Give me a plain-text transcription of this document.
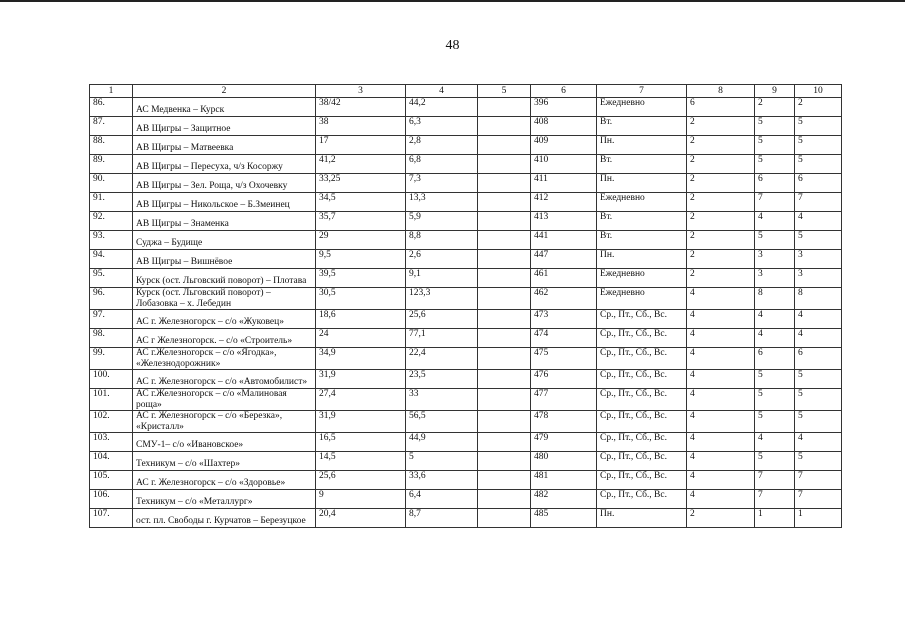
48
1	2	3	4	5	6	7	8	9	10
86.	АС Медвенка – Курск	38/42	44,2		396	Ежедневно	6	2	2
87.	АВ Щигры – Защитное	38	6,3		408	Вт.	2	5	5
88.	АВ Щигры – Матвеевка	17	2,8		409	Пн.	2	5	5
89.	АВ Щигры – Пересуха, ч/з Косоржу	41,2	6,8		410	Вт.	2	5	5
90.	АВ Щигры – Зел. Роща, ч/з Охочевку	33,25	7,3		411	Пн.	2	6	6
91.	АВ Щигры – Никольское – Б.Змеинец	34,5	13,3		412	Ежедневно	2	7	7
92.	АВ Щигры – Знаменка	35,7	5,9		413	Вт.	2	4	4
93.	Суджа – Будище	29	8,8		441	Вт.	2	5	5
94.	АВ Щигры – Вишнёвое	9,5	2,6		447	Пн.	2	3	3
95.	Курск (ост. Льговский поворот) – Плотава	39,5	9,1		461	Ежедневно	2	3	3
96.	Курск (ост. Льговский поворот) – Лобазовка – х. Лебедин	30,5	123,3		462	Ежедневно	4	8	8
97.	АС г. Железногорск – с/о «Жуковец»	18,6	25,6		473	Ср., Пт., Сб., Вс.	4	4	4
98.	АС г Железногорск. – с/о «Строитель»	24	77,1		474	Ср., Пт., Сб., Вс.	4	4	4
99.	АС г.Железногорск – с/о «Ягодка», «Железнодорожник»	34,9	22,4		475	Ср., Пт., Сб., Вс.	4	6	6
100.	АС г. Железногорск – с/о «Автомобилист»	31,9	23,5		476	Ср., Пт., Сб., Вс.	4	5	5
101.	АС г.Железногорск – с/о «Малиновая роща»	27,4	33		477	Ср., Пт., Сб., Вс.	4	5	5
102.	АС г. Железногорск – с/о «Березка», «Кристалл»	31,9	56,5		478	Ср., Пт., Сб., Вс.	4	5	5
103.	СМУ-1– с/о «Ивановское»	16,5	44,9		479	Ср., Пт., Сб., Вс.	4	4	4
104.	Техникум – с/о «Шахтер»	14,5	5		480	Ср., Пт., Сб., Вс.	4	5	5
105.	АС г. Железногорск – с/о «Здоровье»	25,6	33,6		481	Ср., Пт., Сб., Вс.	4	7	7
106.	Техникум – с/о «Металлург»	9	6,4		482	Ср., Пт., Сб., Вс.	4	7	7
107.	ост. пл. Свободы г. Курчатов – Березуцкое	20,4	8,7		485	Пн.	2	1	1
